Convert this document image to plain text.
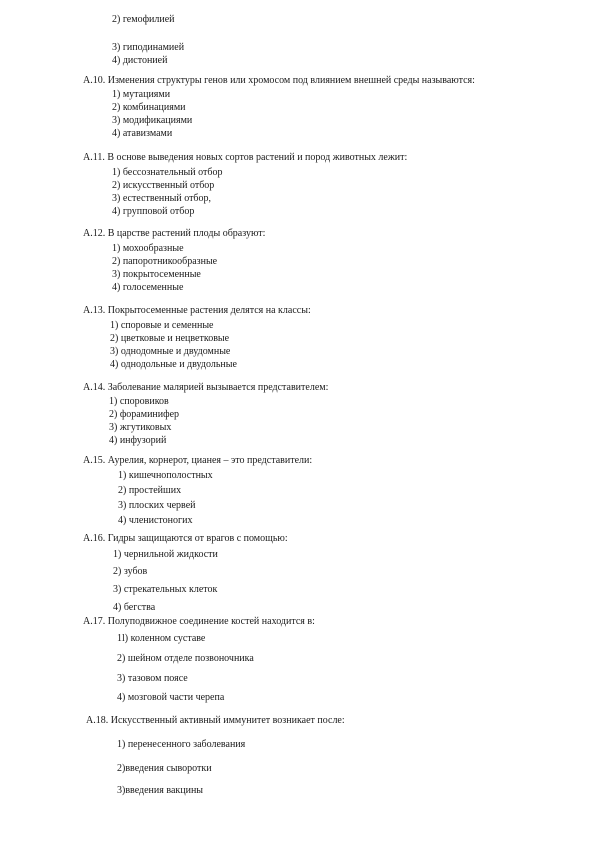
2) гемофилией
3) гиподинамией
4) дистонией
А.10. Изменения структуры генов или хромосом под влиянием внешней среды называются:
1) мутациями
2) комбинациями
3) модификациями
4) атавизмами
А.11. В основе выведения новых сортов растений и пород животных лежит:
1) бессознательный отбор
2) искусственный отбор
3) естественный отбор,
4) групповой отбор
А.12. В царстве растений плоды образуют:
1) мохообразные
2) папоротникообразные
3) покрытосеменные
4) голосеменные
А.13. Покрытосеменные растения делятся на классы:
1) споровые и семенные
2) цветковые и нецветковые
3) однодомные и двудомные
4) однодольные и двудольные
А.14. Заболевание малярией вызывается представителем:
1) споровиков
2) фораминифер
3) жгутиковых
4) инфузорий
А.15. Аурелия, корнерот, цианея – это представители:
1) кишечнополостных
2) простейших
3) плоских червей
4) членистоногих
А.16. Гидры защищаются от врагов с помощью:
1) чернильной жидкости
2) зубов
3) стрекательных клеток
4) бегства
А.17. Полуподвижное соединение костей находится в:
1l) коленном суставе
2) шейном отделе позвоночника
3) тазовом поясе
4) мозговой части черепа
А.18. Искусственный активный иммунитет возникает после:
1) перенесенного заболевания
2)введения сыворотки
3)введения вакцины
